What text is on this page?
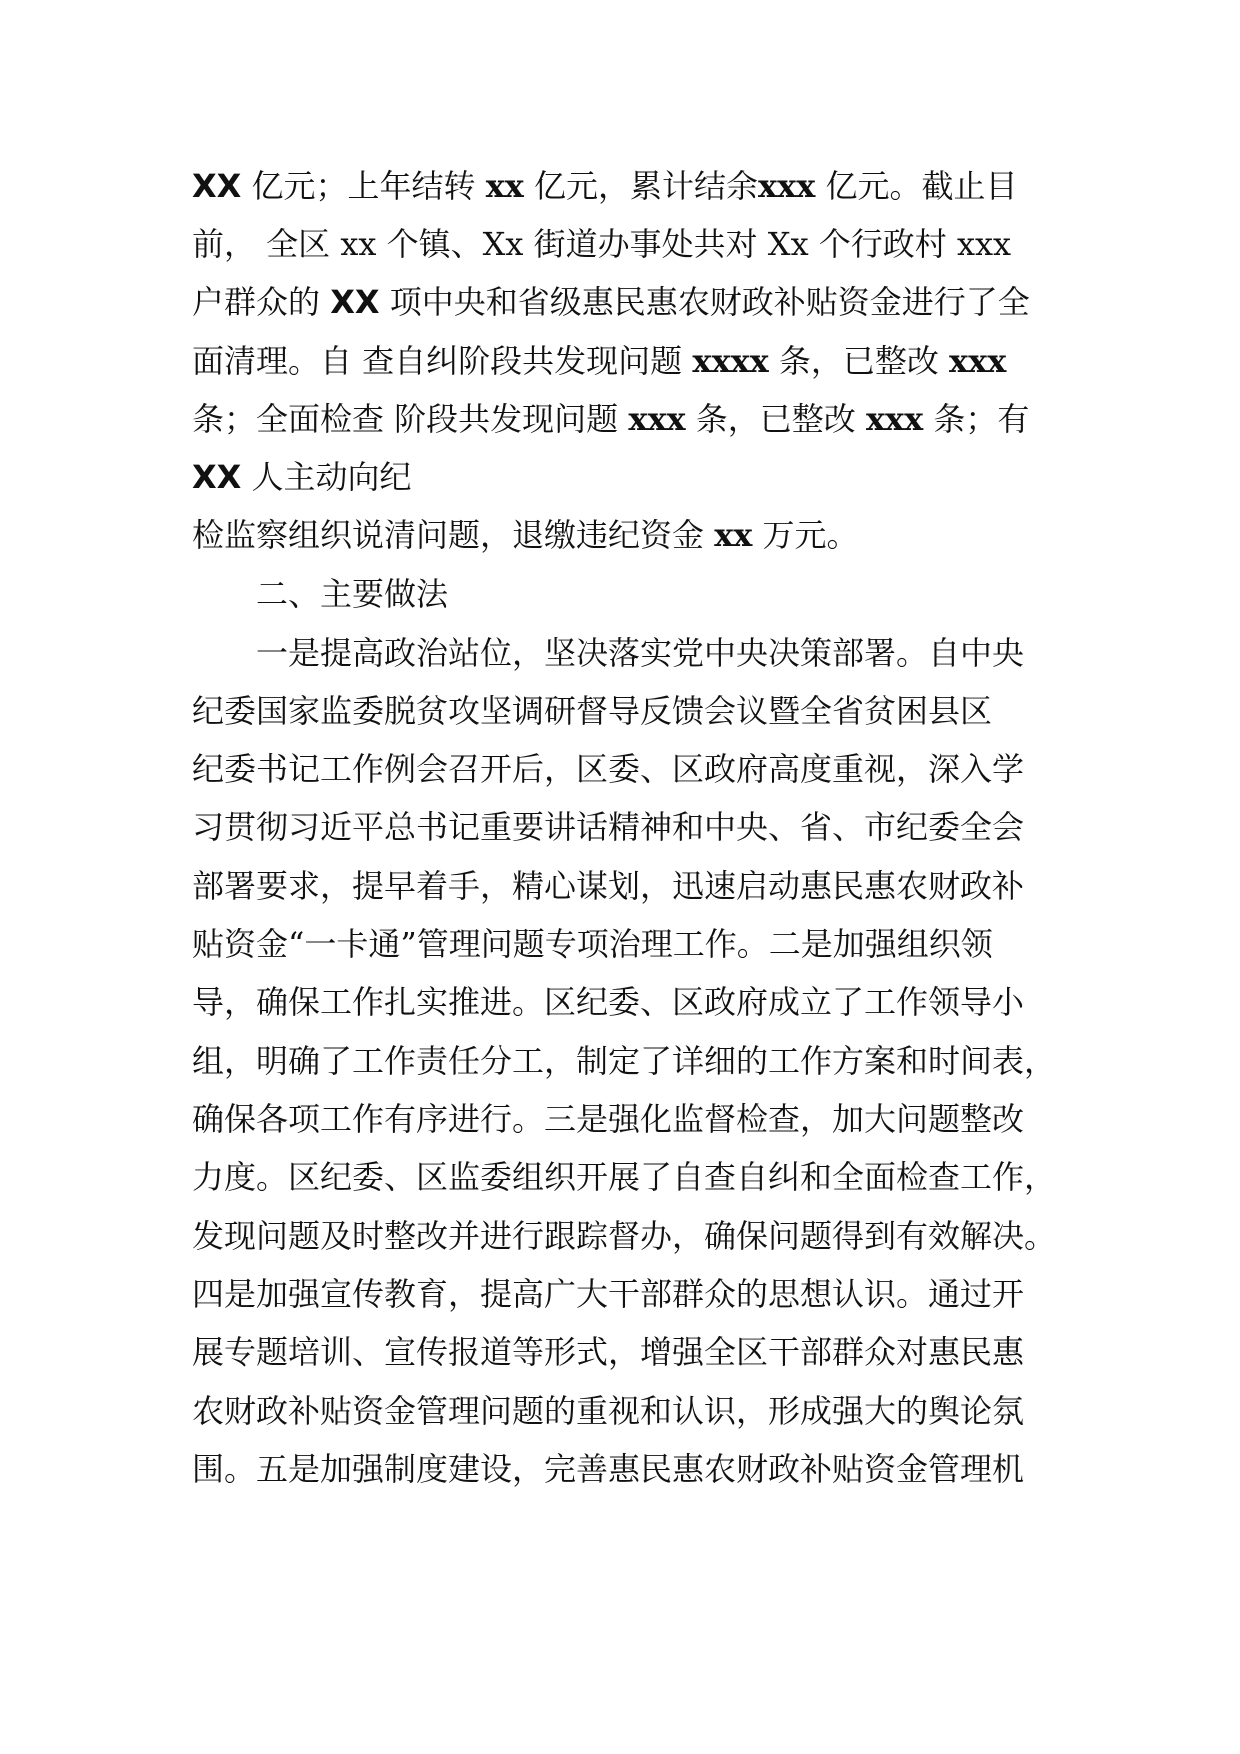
XX 亿元；上年结转 xx 亿元，累计结余xxx 亿元。截止目

前， 全区 xx 个镇、Xx 街道办事处共对 Xx 个行政村 xxx

户群众的 XX 项中央和省级惠民惠农财政补贴资金进行了全

面清理。自 查自纠阶段共发现问题 xxxx 条，已整改 xxx

条；全面检查 阶段共发现问题 xxx 条，已整改 xxx 条；有

XX 人主动向纪

检监察组织说清问题，退缴违纪资金 xx 万元。

二、主要做法

一是提高政治站位，坚决落实党中央决策部署。自中央

纪委国家监委脱贫攻坚调研督导反馈会议暨全省贫困县区

纪委书记工作例会召开后，区委、区政府高度重视，深入学

习贯彻习近平总书记重要讲话精神和中央、省、市纪委全会

部署要求，提早着手，精心谋划，迅速启动惠民惠农财政补

贴资金“一卡通”管理问题专项治理工作。二是加强组织领

导，确保工作扎实推进。区纪委、区政府成立了工作领导小

组，明确了工作责任分工，制定了详细的工作方案和时间表，

确保各项工作有序进行。三是强化监督检查，加大问题整改

力度。区纪委、区监委组织开展了自查自纠和全面检查工作，

发现问题及时整改并进行跟踪督办，确保问题得到有效解决。

四是加强宣传教育，提高广大干部群众的思想认识。通过开

展专题培训、宣传报道等形式，增强全区干部群众对惠民惠

农财政补贴资金管理问题的重视和认识，形成强大的舆论氛

围。五是加强制度建设，完善惠民惠农财政补贴资金管理机
